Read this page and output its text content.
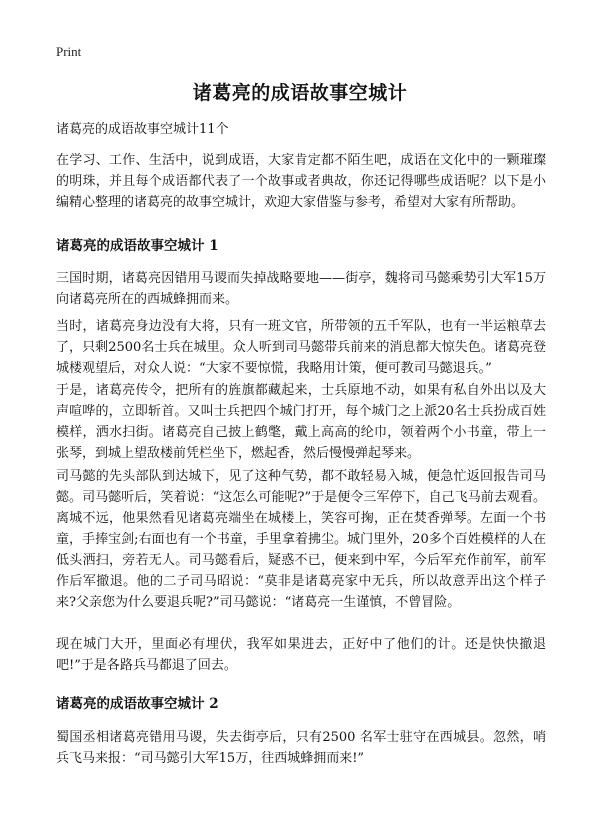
Print
诸葛亮的成语故事空城计

诸葛亮的成语故事空城计11个

在学习、工作、生活中，说到成语，大家肯定都不陌生吧，成语在文化中的一颗璀璨的明珠，并且每个成语都代表了一个故事或者典故，你还记得哪些成语呢？以下是小编精心整理的诸葛亮的故事空城计，欢迎大家借鉴与参考，希望对大家有所帮助。

诸葛亮的成语故事空城计 1

三国时期，诸葛亮因错用马谡而失掉战略要地——街亭，魏将司马懿乘势引大军15万向诸葛亮所在的西城蜂拥而来。

当时，诸葛亮身边没有大将，只有一班文官，所带领的五千军队，也有一半运粮草去了，只剩2500名士兵在城里。众人听到司马懿带兵前来的消息都大惊失色。诸葛亮登城楼观望后，对众人说：“大家不要惊慌，我略用计策，便可教司马懿退兵。”

于是，诸葛亮传令，把所有的旌旗都藏起来，士兵原地不动，如果有私自外出以及大声喧哗的，立即斩首。又叫士兵把四个城门打开，每个城门之上派20名士兵扮成百姓模样，洒水扫街。诸葛亮自己披上鹤氅，戴上高高的纶巾，领着两个小书童，带上一张琴，到城上望敌楼前凭栏坐下，燃起香，然后慢慢弹起琴来。

司马懿的先头部队到达城下，见了这种气势，都不敢轻易入城，便急忙返回报告司马懿。司马懿听后，笑着说：“这怎么可能呢?”于是便令三军停下，自己飞马前去观看。离城不远，他果然看见诸葛亮端坐在城楼上，笑容可掬，正在焚香弹琴。左面一个书童，手捧宝剑;右面也有一个书童，手里拿着拂尘。城门里外，20多个百姓模样的人在低头洒扫，旁若无人。司马懿看后，疑惑不已，便来到中军，今后军充作前军，前军作后军撤退。他的二子司马昭说：“莫非是诸葛亮家中无兵，所以故意弄出这个样子来?父亲您为什么要退兵呢?”司马懿说：“诸葛亮一生谨慎，不曾冒险。

现在城门大开，里面必有埋伏，我军如果进去，正好中了他们的计。还是快快撤退吧!”于是各路兵马都退了回去。

诸葛亮的成语故事空城计 2

蜀国丞相诸葛亮错用马谡，失去街亭后，只有2500 名军士驻守在西城县。忽然，哨兵飞马来报：“司马懿引大军15万，往西城蜂拥而来!”
